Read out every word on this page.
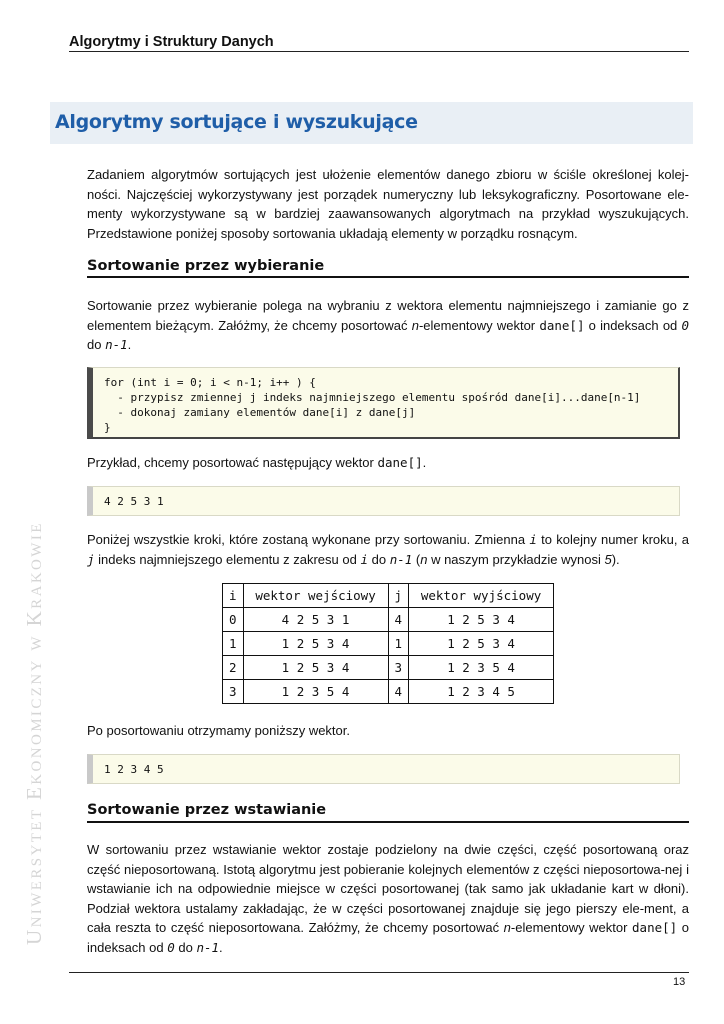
Algorytmy i Struktury Danych
Uniwersytet Ekonomiczny w Krakowie
Algorytmy sortujące i wyszukujące

Zadaniem algorytmów sortujących jest ułożenie elementów danego zbioru w ściśle określonej kolej-ności. Najczęściej wykorzystywany jest porządek numeryczny lub leksykograficzny. Posortowane ele-menty wykorzystywane są w bardziej zaawansowanych algorytmach na przykład wyszukujących. Przedstawione poniżej sposoby sortowania układają elementy w porządku rosnącym.

Sortowanie przez wybieranie

Sortowanie przez wybieranie polega na wybraniu z wektora elementu najmniejszego i zamianie go z elementem bieżącym. Załóżmy, że chcemy posortować n-elementowy wektor dane[] o indeksach od 0 do n-1.

for (int i = 0; i < n-1; i++ ) {
- przypisz zmiennej j indeks najmniejszego elementu spośród dane[i]...dane[n-1]
- dokonaj zamiany elementów dane[i] z dane[j]
}

Przykład, chcemy posortować następujący wektor dane[].

4 2 5 3 1

Poniżej wszystkie kroki, które zostaną wykonane przy sortowaniu. Zmienna i to kolejny numer kroku, a j indeks najmniejszego elementu z zakresu od i do n-1 (n w naszym przykładzie wynosi 5).

i	wektor wejściowy	j	wektor wyjściowy
0	4 2 5 3 1	4	1 2 5 3 4
1	1 2 5 3 4	1	1 2 5 3 4
2	1 2 5 3 4	3	1 2 3 5 4
3	1 2 3 5 4	4	1 2 3 4 5

Po posortowaniu otrzymamy poniższy wektor.

1 2 3 4 5
Sortowanie przez wstawianie

W sortowaniu przez wstawianie wektor zostaje podzielony na dwie części, część posortowaną oraz część nieposortowaną. Istotą algorytmu jest pobieranie kolejnych elementów z części nieposortowa-nej i wstawianie ich na odpowiednie miejsce w części posortowanej (tak samo jak układanie kart w dłoni). Podział wektora ustalamy zakładając, że w części posortowanej znajduje się jego pierszy ele-ment, a cała reszta to część nieposortowana. Załóżmy, że chcemy posortować n-elementowy wektor dane[] o indeksach od 0 do n-1.

13
